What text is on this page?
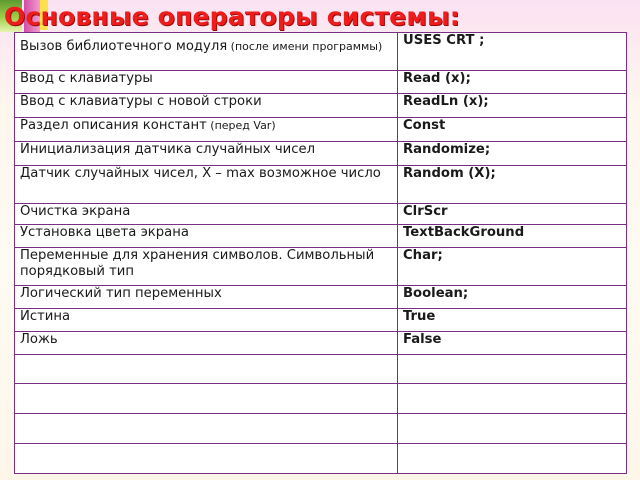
Основные операторы системы:
Вызов библиотечного модуля (после имени программы)	USES CRT ;
Ввод с клавиатуры	Read (x);
Ввод с клавиатуры с новой строки	ReadLn (x);
Раздел описания констант (перед Var)	Const
Инициализация датчика случайных чисел	Randomize;
Датчик случайных чисел, X – max возможное число	Random (X);
Очистка экрана	ClrScr
Установка цвета экрана	TextBackGround
Переменные для хранения символов. Символьный порядковый тип	Char;
Логический тип переменных	Boolean;
Истина	True
Ложь	False
